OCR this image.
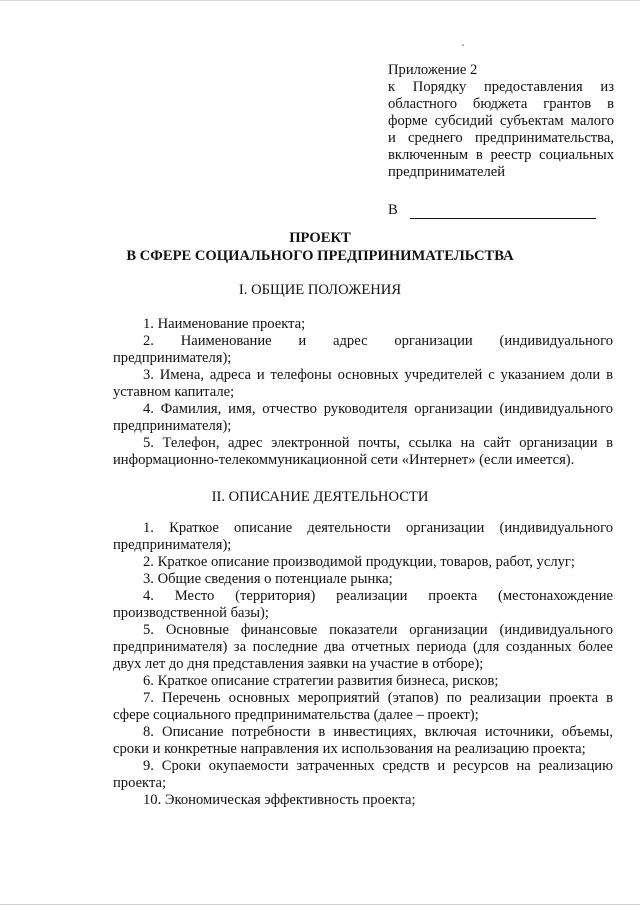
Приложение 2
к Порядку предоставления из
областного бюджета грантов в
форме субсидий субъектам малого
и среднего предпринимательства,
включенным в реестр социальных
предпринимателей
В
ПРОЕКТ
В СФЕРЕ СОЦИАЛЬНОГО ПРЕДПРИНИМАТЕЛЬСТВА
I. ОБЩИЕ ПОЛОЖЕНИЯ
1. Наименование проекта;
2. Наименование и адрес организации (индивидуального
предпринимателя);
3. Имена, адреса и телефоны основных учредителей с указанием доли в
уставном капитале;
4. Фамилия, имя, отчество руководителя организации (индивидуального
предпринимателя);
5. Телефон, адрес электронной почты, ссылка на сайт организации в
информационно-телекоммуникационной сети «Интернет» (если имеется).
II. ОПИСАНИЕ ДЕЯТЕЛЬНОСТИ
1. Краткое описание деятельности организации (индивидуального
предпринимателя);
2. Краткое описание производимой продукции, товаров, работ, услуг;
3. Общие сведения о потенциале рынка;
4. Место (территория) реализации проекта (местонахождение
производственной базы);
5. Основные финансовые показатели организации (индивидуального
предпринимателя) за последние два отчетных периода (для созданных более
двух лет до дня представления заявки на участие в отборе);
6. Краткое описание стратегии развития бизнеса, рисков;
7. Перечень основных мероприятий (этапов) по реализации проекта в
сфере социального предпринимательства (далее – проект);
8. Описание потребности в инвестициях, включая источники, объемы,
сроки и конкретные направления их использования на реализацию проекта;
9. Сроки окупаемости затраченных средств и ресурсов на реализацию
проекта;
10. Экономическая эффективность проекта;
